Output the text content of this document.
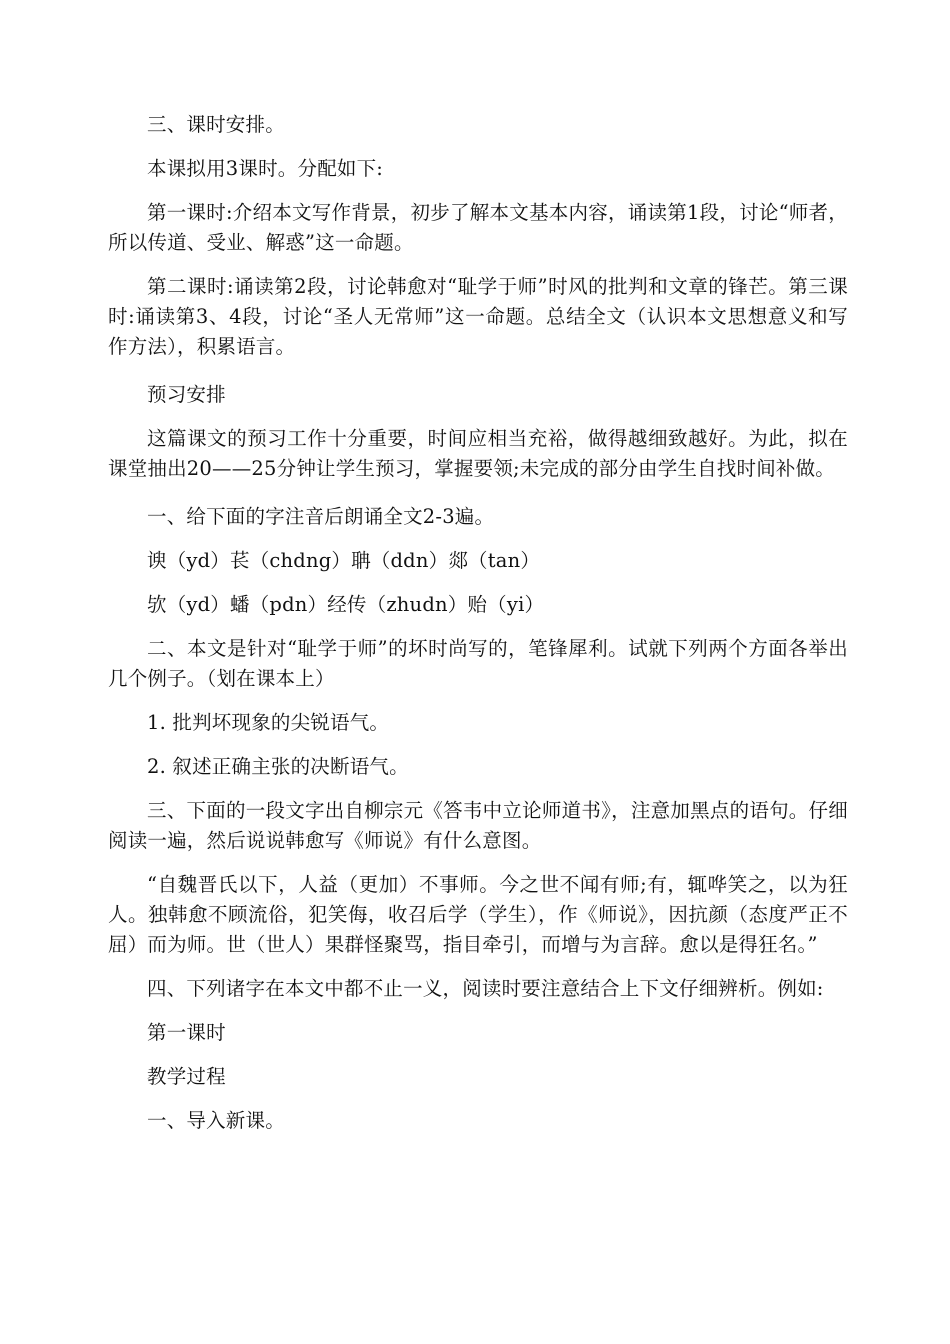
三、课时安排。

本课拟用3课时。分配如下:

第一课时:介绍本文写作背景，初步了解本文基本内容，诵读第1段，讨论“师者，所以传道、受业、解惑”这一命题。

第二课时:诵读第2段，讨论韩愈对“耻学于师”时风的批判和文章的锋芒。第三课时:诵读第3、4段，讨论“圣人无常师”这一命题。总结全文（认识本文思想意义和写作方法），积累语言。

预习安排

这篇课文的预习工作十分重要，时间应相当充裕，做得越细致越好。为此，拟在课堂抽出20——25分钟让学生预习，掌握要领;未完成的部分由学生自找时间补做。

一、给下面的字注音后朗诵全文2-3遍。

谀（yd）苌（chdng）聃（ddn）郯（tan）

欤（yd）蟠（pdn）经传（zhudn）贻（yi）

二、本文是针对“耻学于师”的坏时尚写的，笔锋犀利。试就下列两个方面各举出几个例子。（划在课本上）

1. 批判坏现象的尖锐语气。

2. 叙述正确主张的决断语气。

三、下面的一段文字出自柳宗元《答韦中立论师道书》，注意加黑点的语句。仔细阅读一遍，然后说说韩愈写《师说》有什么意图。

“自魏晋氏以下，人益（更加）不事师。今之世不闻有师;有，辄哗笑之，以为狂人。独韩愈不顾流俗，犯笑侮，收召后学（学生），作《师说》，因抗颜（态度严正不屈）而为师。世（世人）果群怪聚骂，指目牵引，而增与为言辞。愈以是得狂名。”

四、下列诸字在本文中都不止一义，阅读时要注意结合上下文仔细辨析。例如:

第一课时

教学过程

一、导入新课。
